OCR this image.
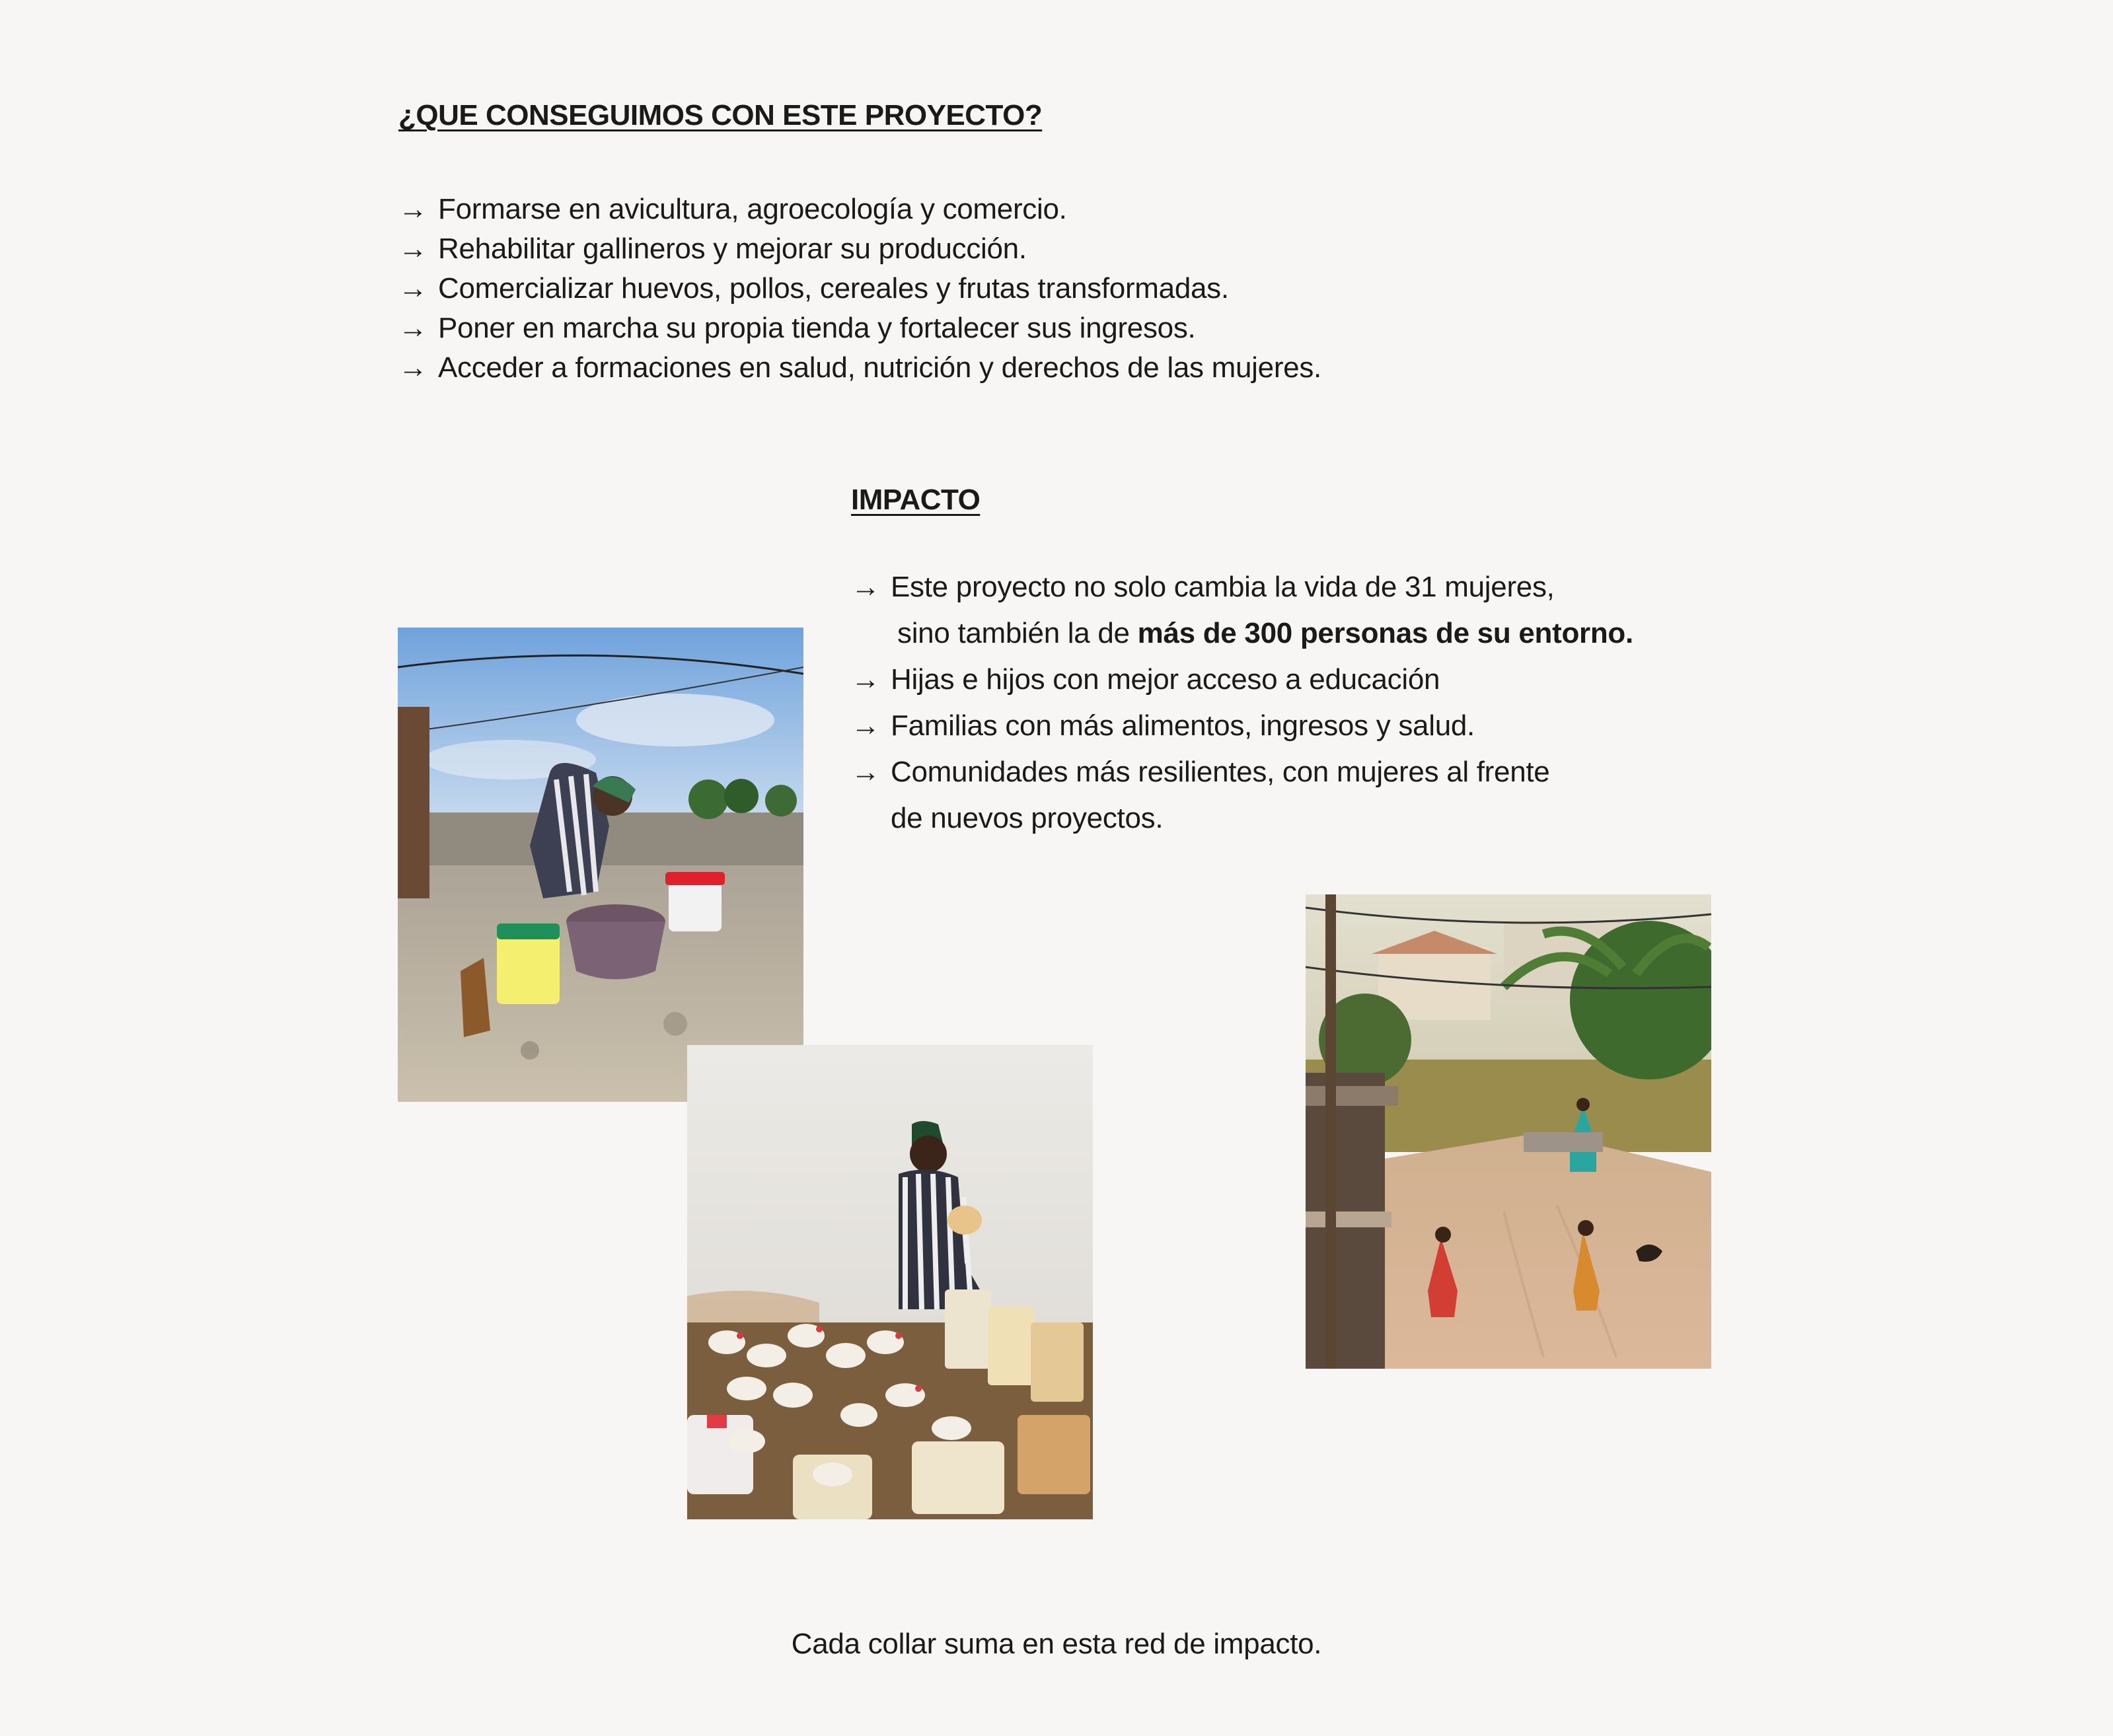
¿QUE CONSEGUIMOS CON ESTE PROYECTO?
→ Formarse en avicultura, agroecología y comercio.
→ Rehabilitar gallineros y mejorar su producción.
→ Comercializar huevos, pollos, cereales y frutas transformadas.
→ Poner en marcha su propia tienda y fortalecer sus ingresos.
→ Acceder a formaciones en salud, nutrición y derechos de las mujeres.
IMPACTO
→ Este proyecto no solo cambia la vida de 31 mujeres,
sino también la de más de 300 personas de su entorno.
→ Hijas e hijos con mejor acceso a educación
→ Familias con más alimentos, ingresos y salud.
→ Comunidades más resilientes, con mujeres al frente
de nuevos proyectos.

Cada collar suma en esta red de impacto.
